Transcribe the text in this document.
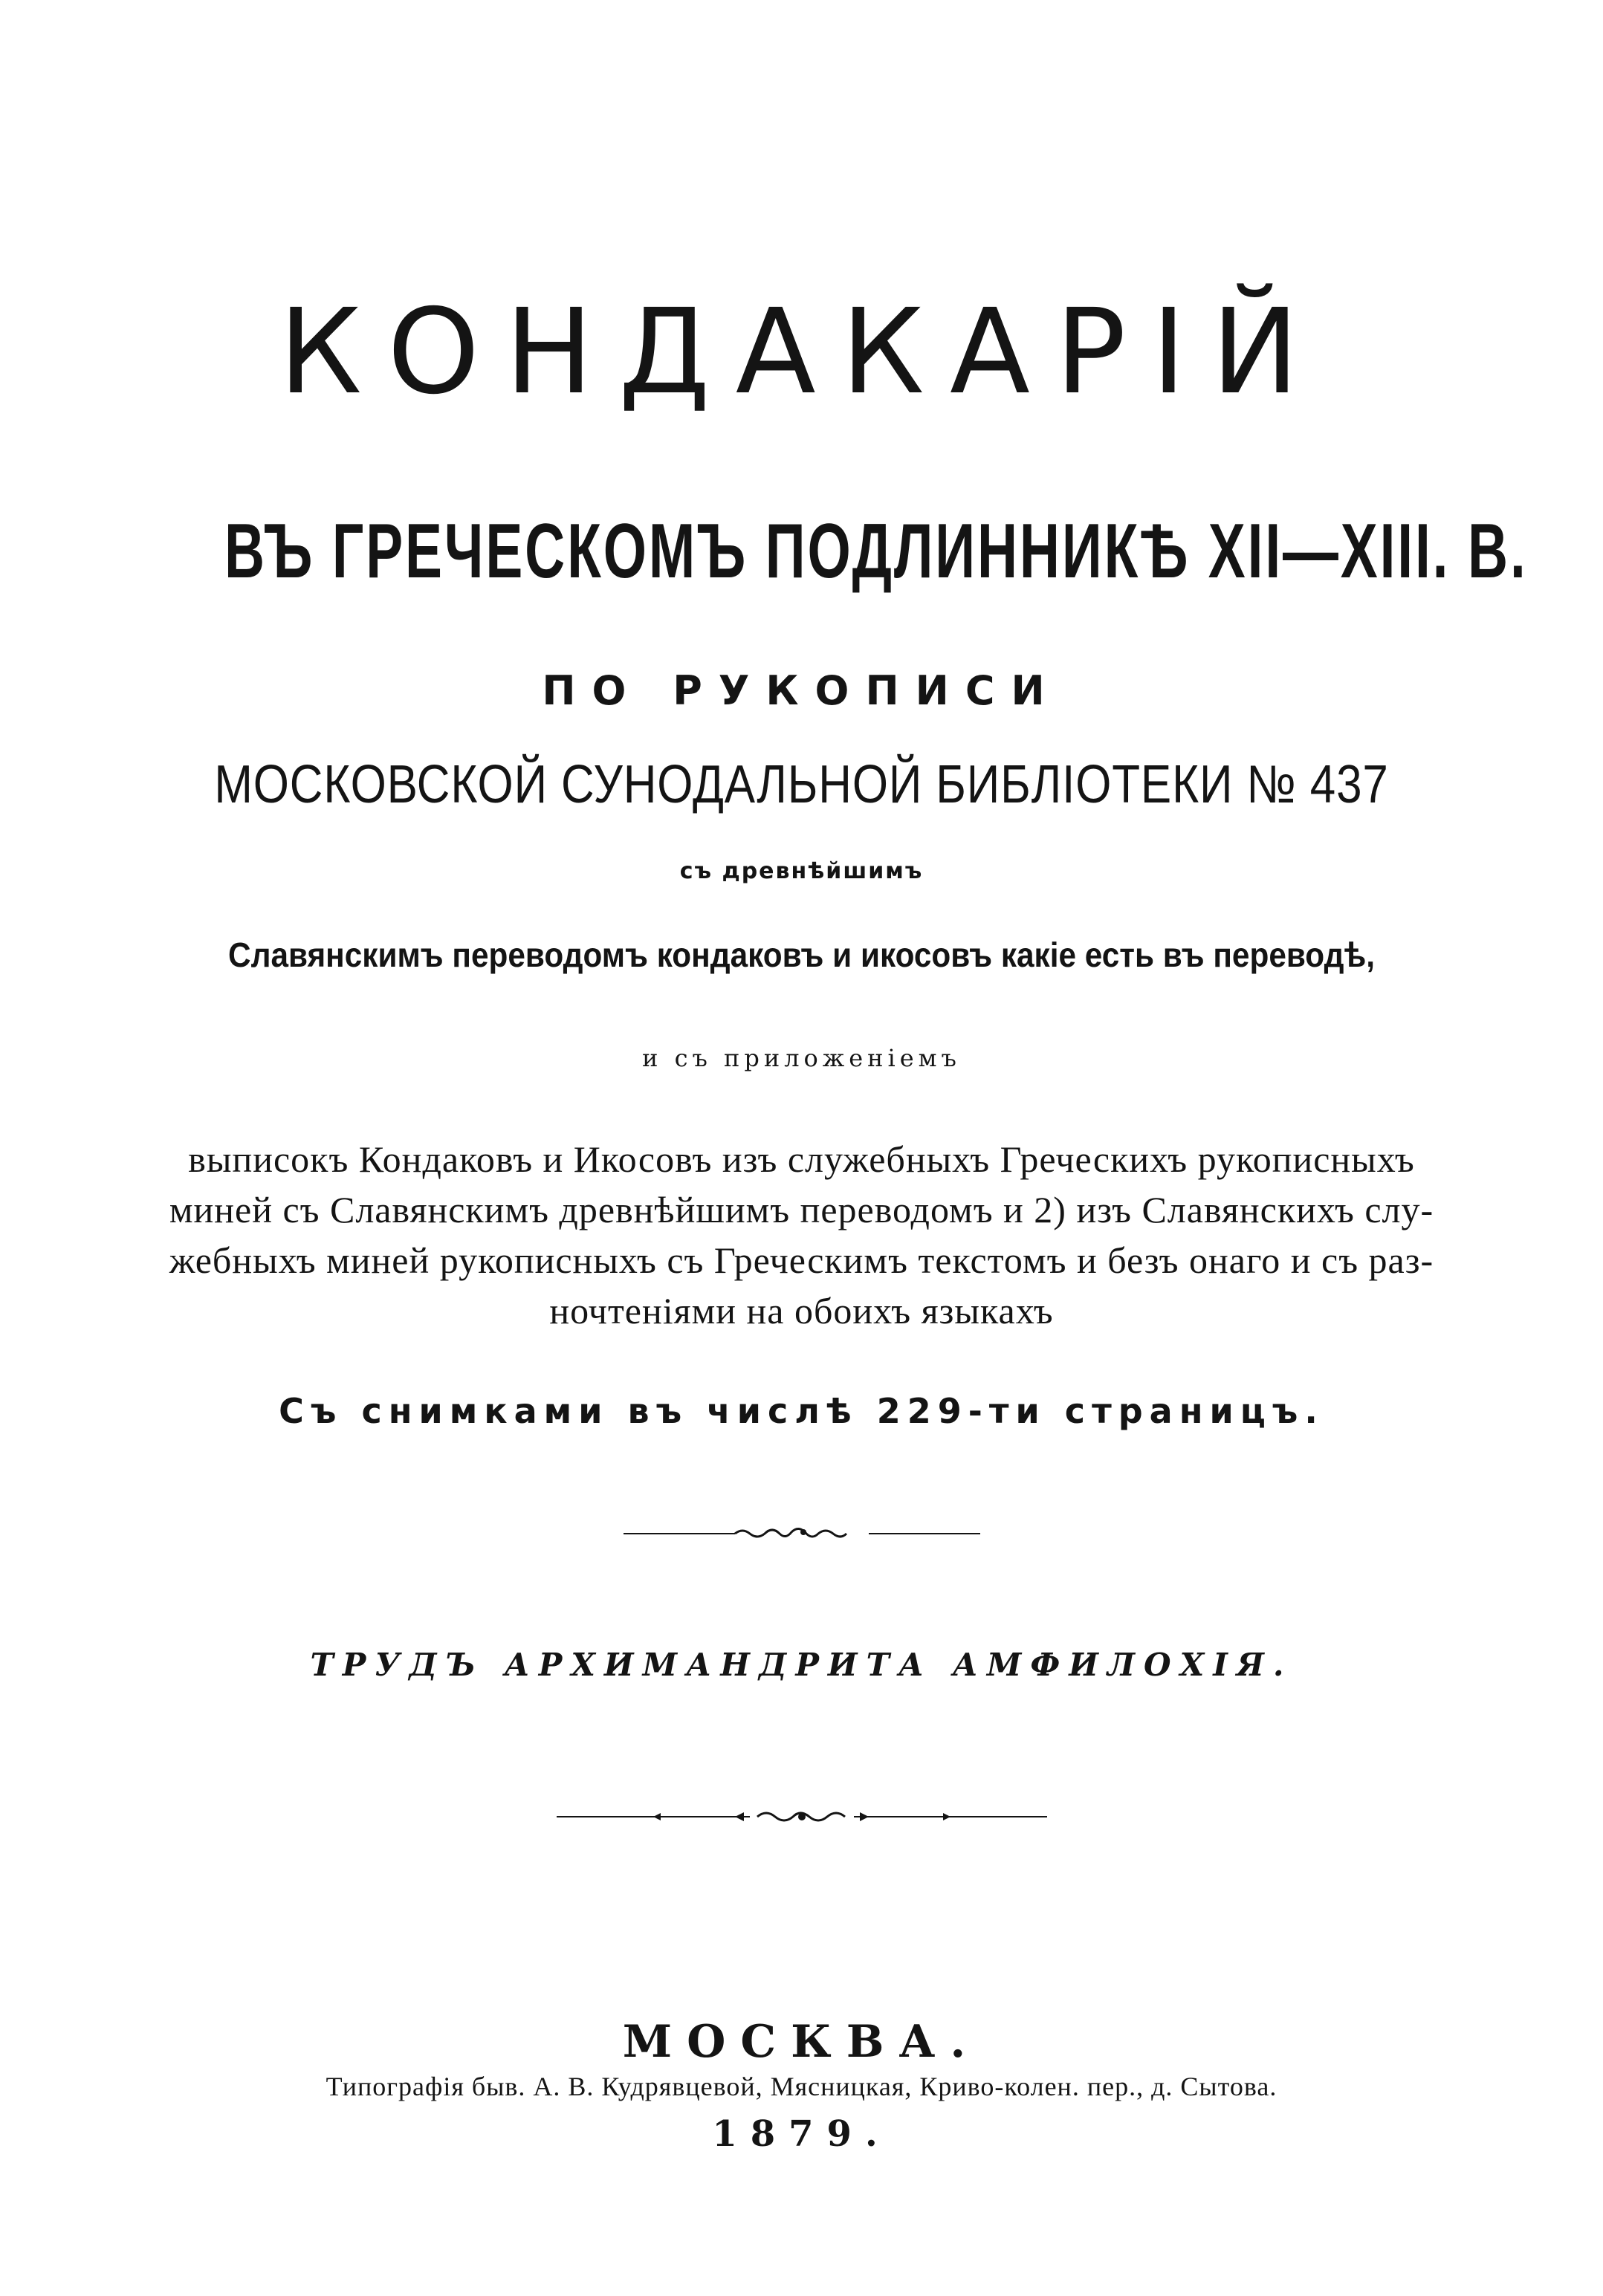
КОНДАКАРІЙ
ВЪ ГРЕЧЕСКОМЪ ПОДЛИННИКѢ XII—XIII. В.
ПО РУКОПИСИ
МОСКОВСКОЙ СУНОДАЛЬНОЙ БИБЛІОТЕКИ № 437
съ древнѣйшимъ
Славянскимъ переводомъ кондаковъ и икосовъ какіе есть въ переводѣ,
и съ приложеніемъ
выписокъ Кондаковъ и Икосовъ изъ служебныхъ Греческихъ рукописныхъ
миней съ Славянскимъ древнѣйшимъ переводомъ и 2) изъ Славянскихъ слу-
жебныхъ миней рукописныхъ съ Греческимъ текстомъ и безъ онаго и съ раз-
ночтеніями на обоихъ языкахъ
Съ снимками въ числѣ 229-ти страницъ.
ТРУДЪ АРХИМАНДРИТА АМФИЛОХІЯ.
МОСКВА.
Типографія быв. А. В. Кудрявцевой, Мясницкая, Криво-колен. пер., д. Сытова.
1879.
